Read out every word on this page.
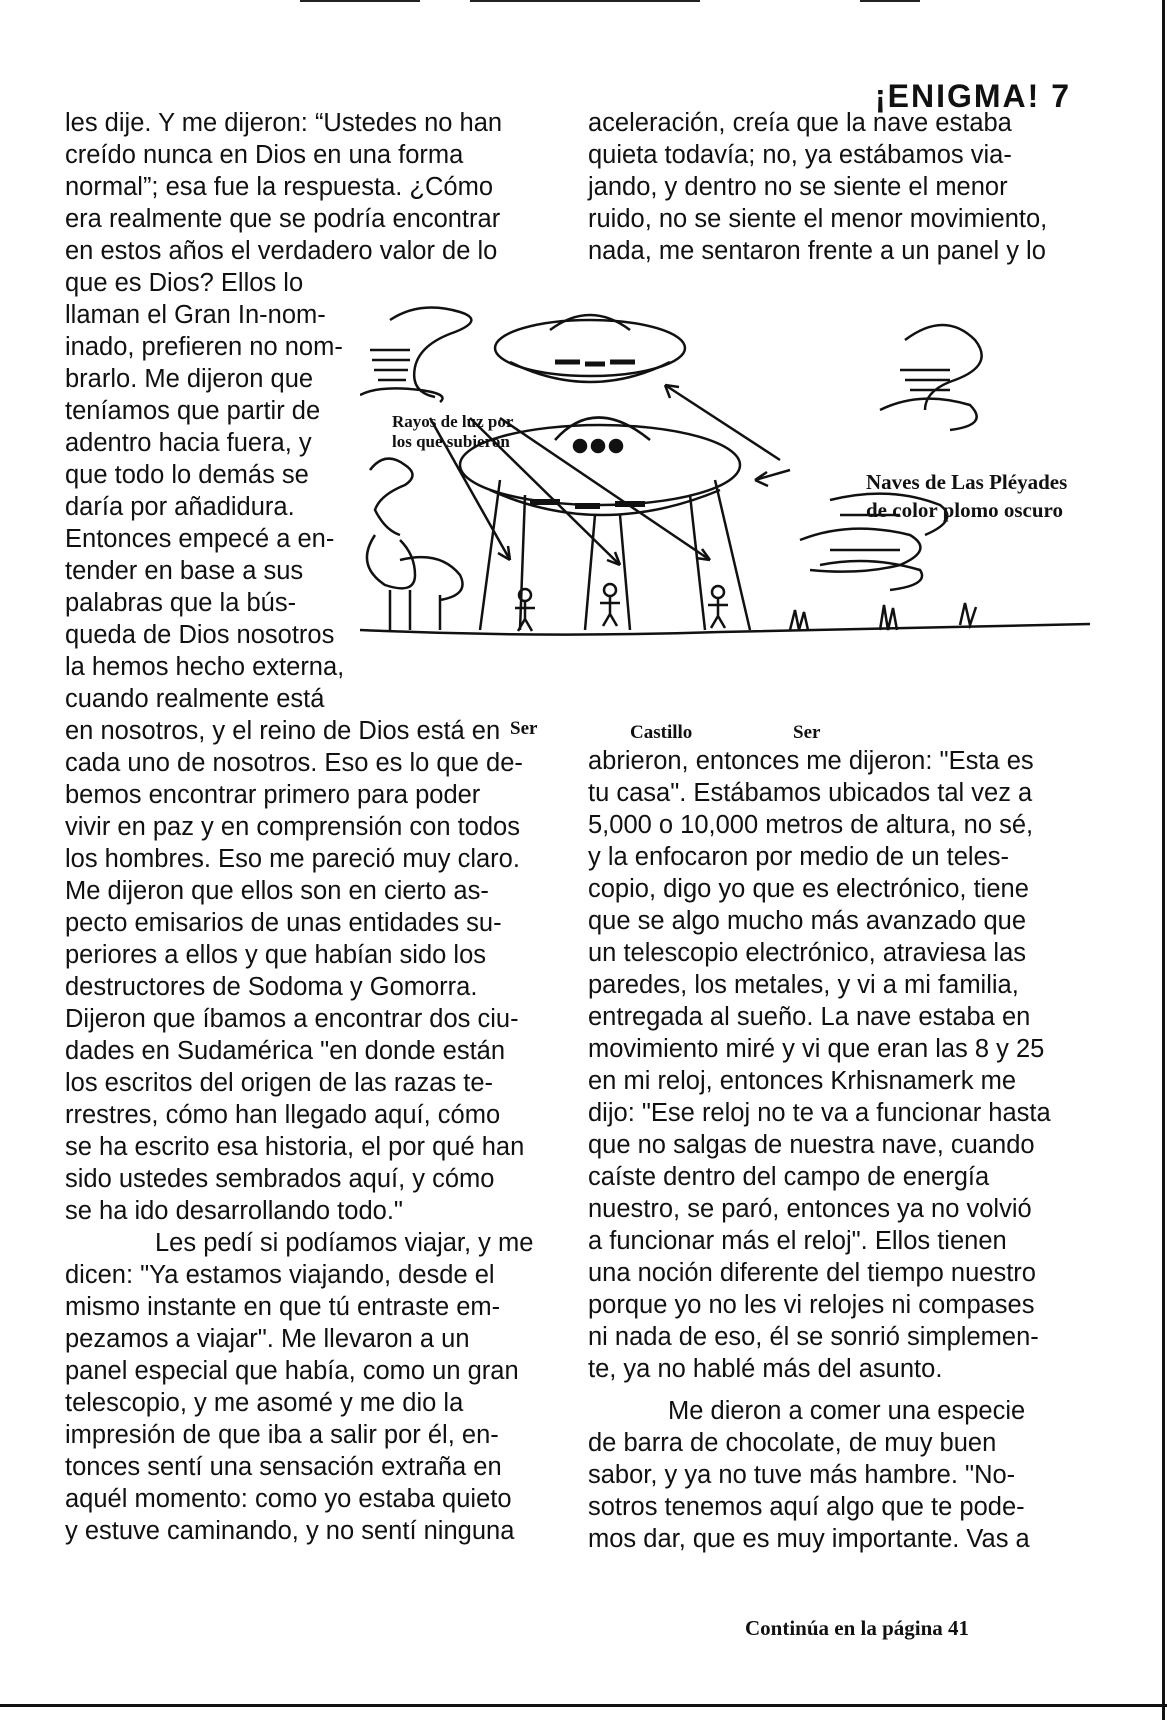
¡ENIGMA! 7
les dije. Y me dijeron: “Ustedes no han
creído nunca en Dios en una forma
normal”; esa fue la respuesta. ¿Cómo
era realmente que se podría encontrar
en estos años el verdadero valor de lo
que es Dios? Ellos lo
llaman el Gran In-nom-
inado, prefieren no nom-
brarlo. Me dijeron que
teníamos que partir de
adentro hacia fuera, y
que todo lo demás se
daría por añadidura.
Entonces empecé a en-
tender en base a sus
palabras que la bús-
queda de Dios nosotros
la hemos hecho externa,
cuando realmente está
en nosotros, y el reino de Dios está en
cada uno de nosotros. Eso es lo que de-
bemos encontrar primero para poder
vivir en paz y en comprensión con todos
los hombres. Eso me pareció muy claro.
Me dijeron que ellos son en cierto as-
pecto emisarios de unas entidades su-
periores a ellos y que habían sido los
destructores de Sodoma y Gomorra.
Dijeron que íbamos a encontrar dos ciu-
dades en Sudamérica "en donde están
los escritos del origen de las razas te-
rrestres, cómo han llegado aquí, cómo
se ha escrito esa historia, el por qué han
sido ustedes sembrados aquí, y cómo
se ha ido desarrollando todo."
Les pedí si podíamos viajar, y me
dicen: "Ya estamos viajando, desde el
mismo instante en que tú entraste em-
pezamos a viajar". Me llevaron a un
panel especial que había, como un gran
telescopio, y me asomé y me dio la
impresión de que iba a salir por él, en-
tonces sentí una sensación extraña en
aquél momento: como yo estaba quieto
y estuve caminando, y no sentí ninguna
aceleración, creía que la nave estaba
quieta todavía; no, ya estábamos via-
jando, y dentro no se siente el menor
ruido, no se siente el menor movimiento,
nada, me sentaron frente a un panel y lo
abrieron, entonces me dijeron: "Esta es
tu casa". Estábamos ubicados tal vez a
5,000 o 10,000 metros de altura, no sé,
y la enfocaron por medio de un teles-
copio, digo yo que es electrónico, tiene
que se algo mucho más avanzado que
un telescopio electrónico, atraviesa las
paredes, los metales, y vi a mi familia,
entregada al sueño. La nave estaba en
movimiento miré y vi que eran las 8 y 25
en mi reloj, entonces Krhisnamerk me
dijo: "Ese reloj no te va a funcionar hasta
que no salgas de nuestra nave, cuando
caíste dentro del campo de energía
nuestro, se paró, entonces ya no volvió
a funcionar más el reloj". Ellos tienen
una noción diferente del tiempo nuestro
porque yo no les vi relojes ni compases
ni nada de eso, él se sonrió simplemen-
te, ya no hablé más del asunto.
Me dieron a comer una especie
de barra de chocolate, de muy buen
sabor, y ya no tuve más hambre. "No-
sotros tenemos aquí algo que te pode-
mos dar, que es muy importante. Vas a
Rayos de luz por
los que subieron
Naves de Las Pléyades
de color plomo oscuro
Ser	Castillo	Ser
Continúa en la página 41
